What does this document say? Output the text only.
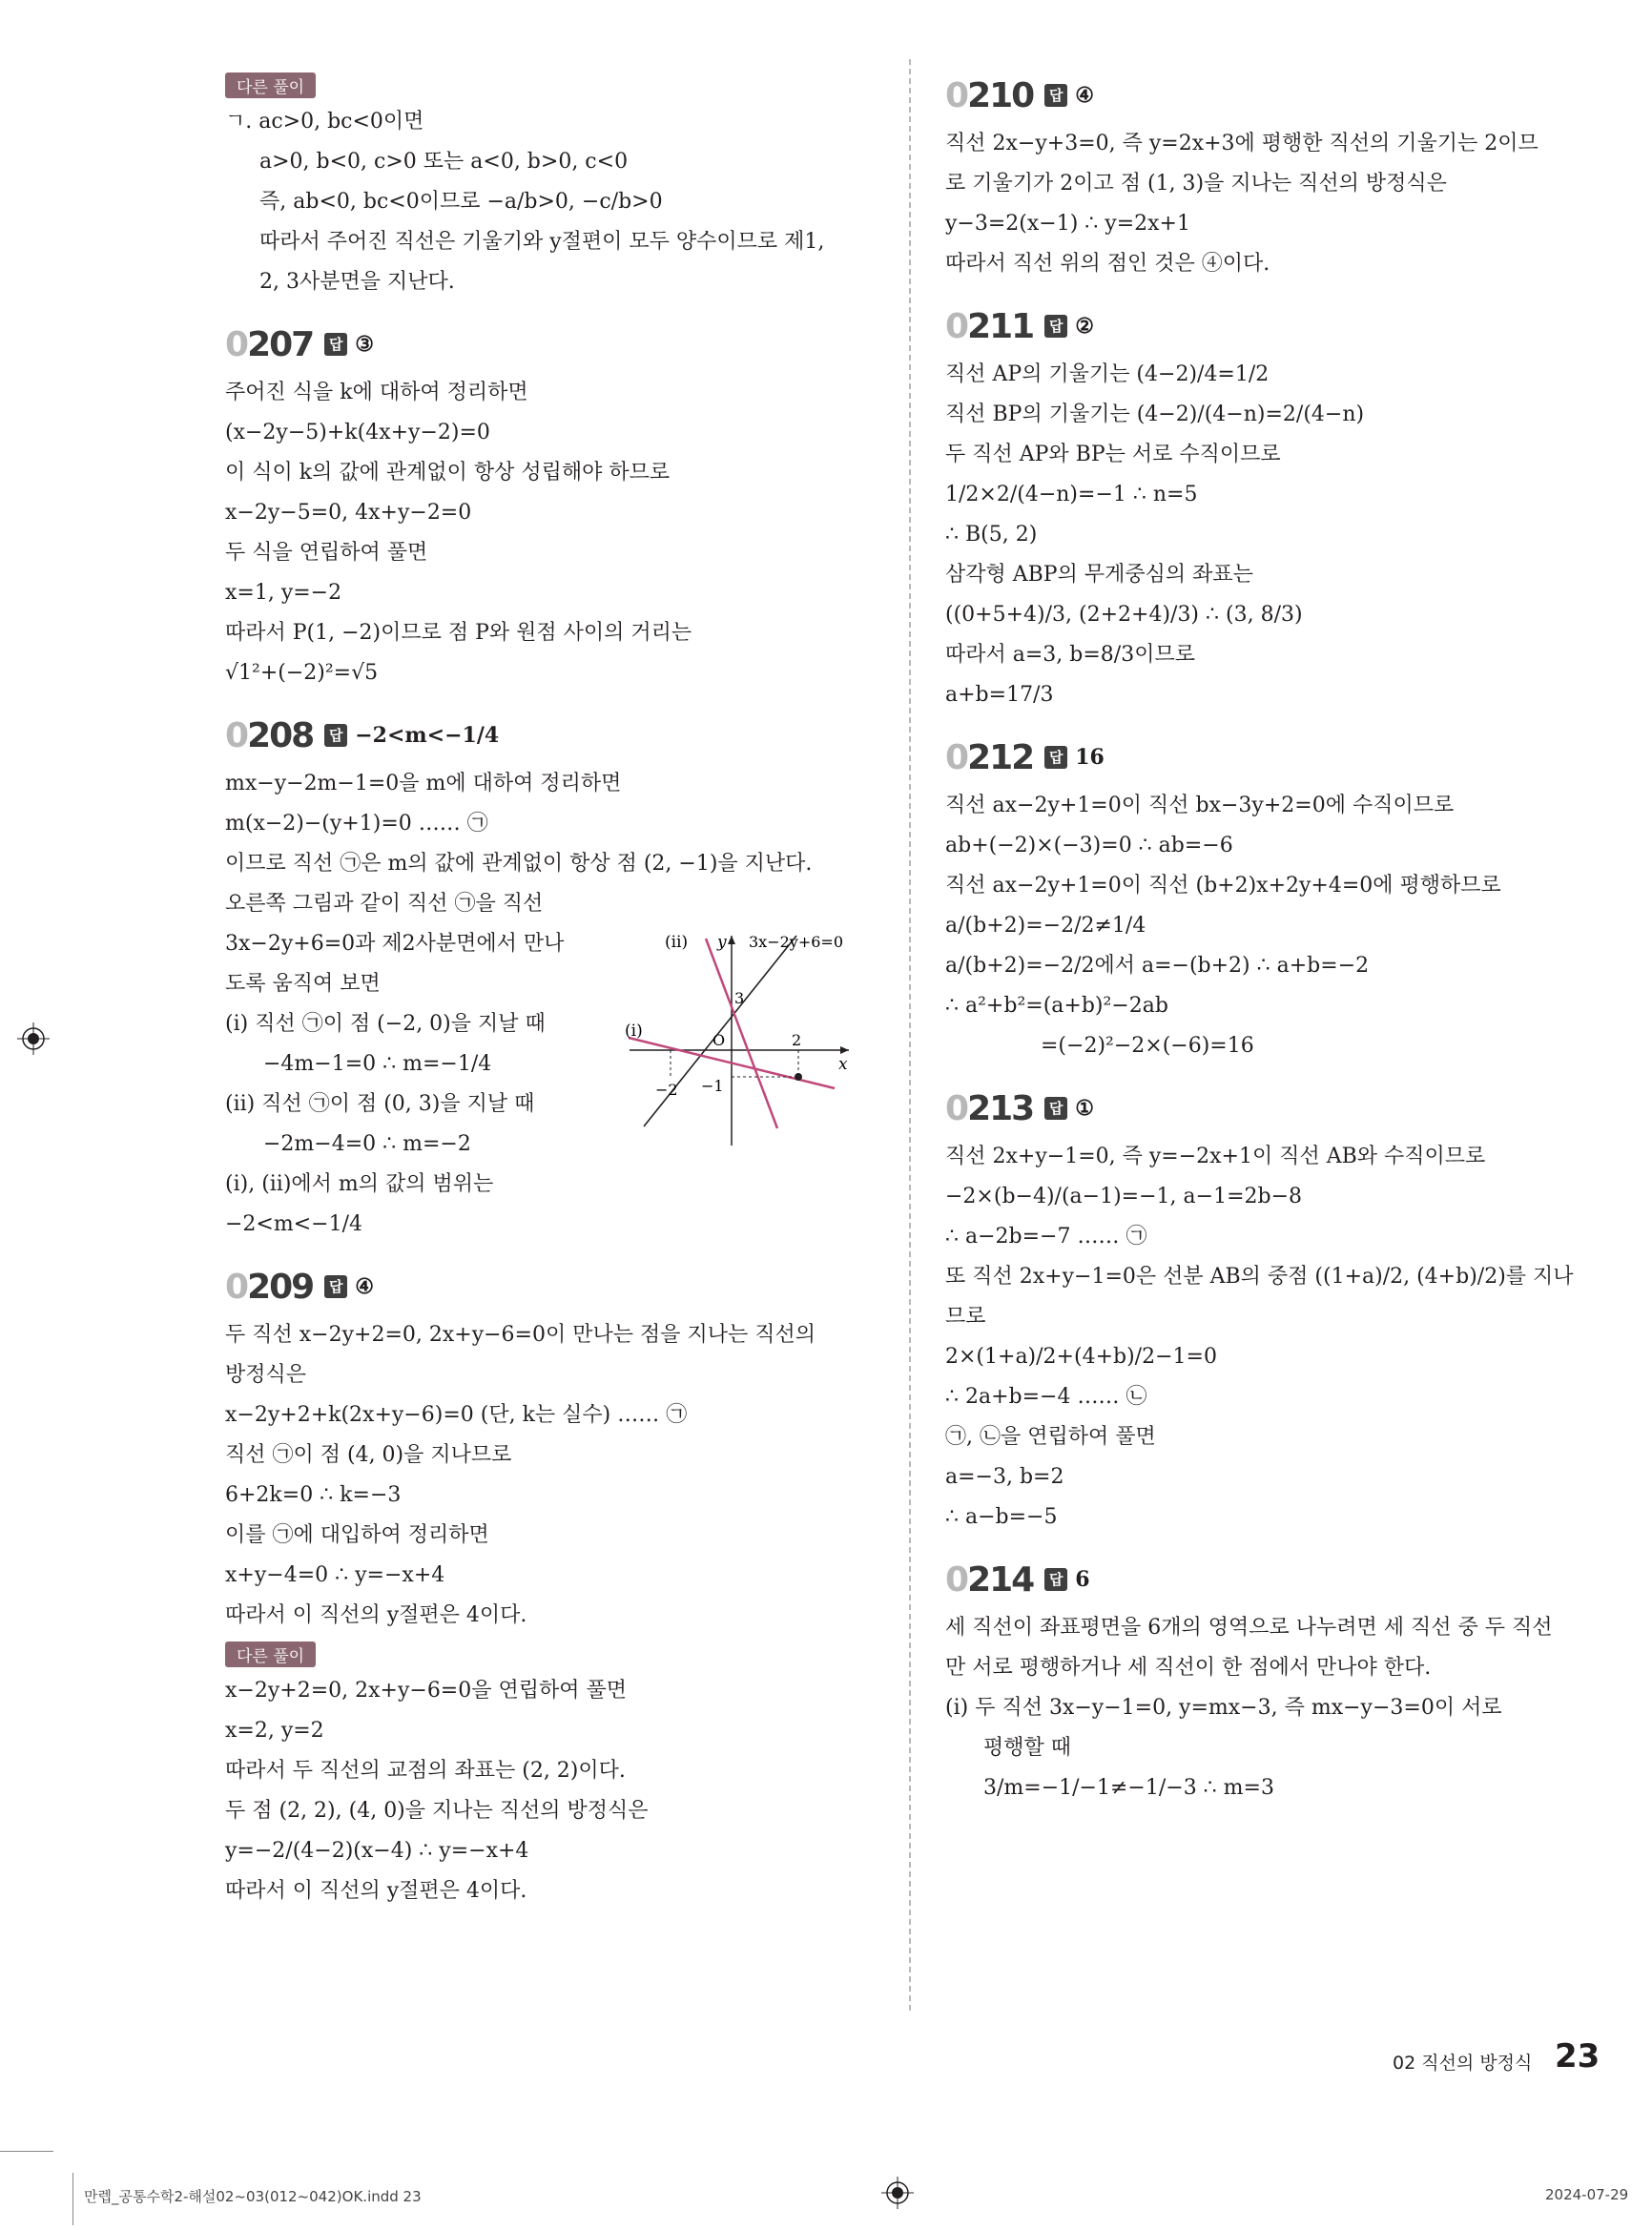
다른 풀이
ㄱ. ac>0, bc<0이면
a>0, b<0, c>0 또는 a<0, b>0, c<0
즉, ab<0, bc<0이므로 −a/b>0, −c/b>0
따라서 주어진 직선은 기울기와 y절편이 모두 양수이므로 제1,
2, 3사분면을 지난다.
0207	답 ③
주어진 식을 k에 대하여 정리하면
(x−2y−5)+k(4x+y−2)=0
이 식이 k의 값에 관계없이 항상 성립해야 하므로
x−2y−5=0, 4x+y−2=0
두 식을 연립하여 풀면
x=1, y=−2
따라서 P(1, −2)이므로 점 P와 원점 사이의 거리는
√1²+(−2)²=√5
0208	답 −2<m<−1/4
mx−y−2m−1=0을 m에 대하여 정리하면
m(x−2)−(y+1)=0 …… ㉠
이므로 직선 ㉠은 m의 값에 관계없이 항상 점 (2, −1)을 지난다.
오른쪽 그림과 같이 직선 ㉠을 직선
3x−2y+6=0과 제2사분면에서 만나
도록 움직여 보면
(ⅰ) 직선 ㉠이 점 (−2, 0)을 지날 때
−4m−1=0 ∴ m=−1/4
(ⅱ) 직선 ㉠이 점 (0, 3)을 지날 때
−2m−4=0 ∴ m=−2
(ⅰ), (ⅱ)에서 m의 값의 범위는
−2<m<−1/4
0209	답 ④
두 직선 x−2y+2=0, 2x+y−6=0이 만나는 점을 지나는 직선의
방정식은
x−2y+2+k(2x+y−6)=0 (단, k는 실수) …… ㉠
직선 ㉠이 점 (4, 0)을 지나므로
6+2k=0 ∴ k=−3
이를 ㉠에 대입하여 정리하면
x+y−4=0 ∴ y=−x+4
따라서 이 직선의 y절편은 4이다.
다른 풀이
x−2y+2=0, 2x+y−6=0을 연립하여 풀면
x=2, y=2
따라서 두 직선의 교점의 좌표는 (2, 2)이다.
두 점 (2, 2), (4, 0)을 지나는 직선의 방정식은
y=−2/(4−2)(x−4) ∴ y=−x+4
따라서 이 직선의 y절편은 4이다.
(ⅱ)
(ⅰ)
y 3x−2y+6=0
3
O	2
x
−2 −1
0210	답 ④
직선 2x−y+3=0, 즉 y=2x+3에 평행한 직선의 기울기는 2이므
로 기울기가 2이고 점 (1, 3)을 지나는 직선의 방정식은
y−3=2(x−1) ∴ y=2x+1
따라서 직선 위의 점인 것은 ④이다.
0211	답 ②
직선 AP의 기울기는 (4−2)/4=1/2
직선 BP의 기울기는 (4−2)/(4−n)=2/(4−n)
두 직선 AP와 BP는 서로 수직이므로
1/2×2/(4−n)=−1 ∴ n=5
∴ B(5, 2)
삼각형 ABP의 무게중심의 좌표는
((0+5+4)/3, (2+2+4)/3) ∴ (3, 8/3)
따라서 a=3, b=8/3이므로
a+b=17/3
0212	답 16
직선 ax−2y+1=0이 직선 bx−3y+2=0에 수직이므로
ab+(−2)×(−3)=0 ∴ ab=−6
직선 ax−2y+1=0이 직선 (b+2)x+2y+4=0에 평행하므로
a/(b+2)=−2/2≠1/4
a/(b+2)=−2/2에서 a=−(b+2) ∴ a+b=−2
∴ a²+b²=(a+b)²−2ab
=(−2)²−2×(−6)=16
0213	답 ①
직선 2x+y−1=0, 즉 y=−2x+1이 직선 AB와 수직이므로
−2×(b−4)/(a−1)=−1, a−1=2b−8
∴ a−2b=−7 …… ㉠
또 직선 2x+y−1=0은 선분 AB의 중점 ((1+a)/2, (4+b)/2)를 지나
므로
2×(1+a)/2+(4+b)/2−1=0
∴ 2a+b=−4 …… ㉡
㉠, ㉡을 연립하여 풀면
a=−3, b=2
∴ a−b=−5
0214	답 6
세 직선이 좌표평면을 6개의 영역으로 나누려면 세 직선 중 두 직선
만 서로 평행하거나 세 직선이 한 점에서 만나야 한다.
(ⅰ) 두 직선 3x−y−1=0, y=mx−3, 즉 mx−y−3=0이 서로
평행할 때
3/m=−1/−1≠−1/−3 ∴ m=3
02 직선의 방정식 23
만렙_공통수학2-해설02~03(012~042)OK.indd 23	2024-07-29
